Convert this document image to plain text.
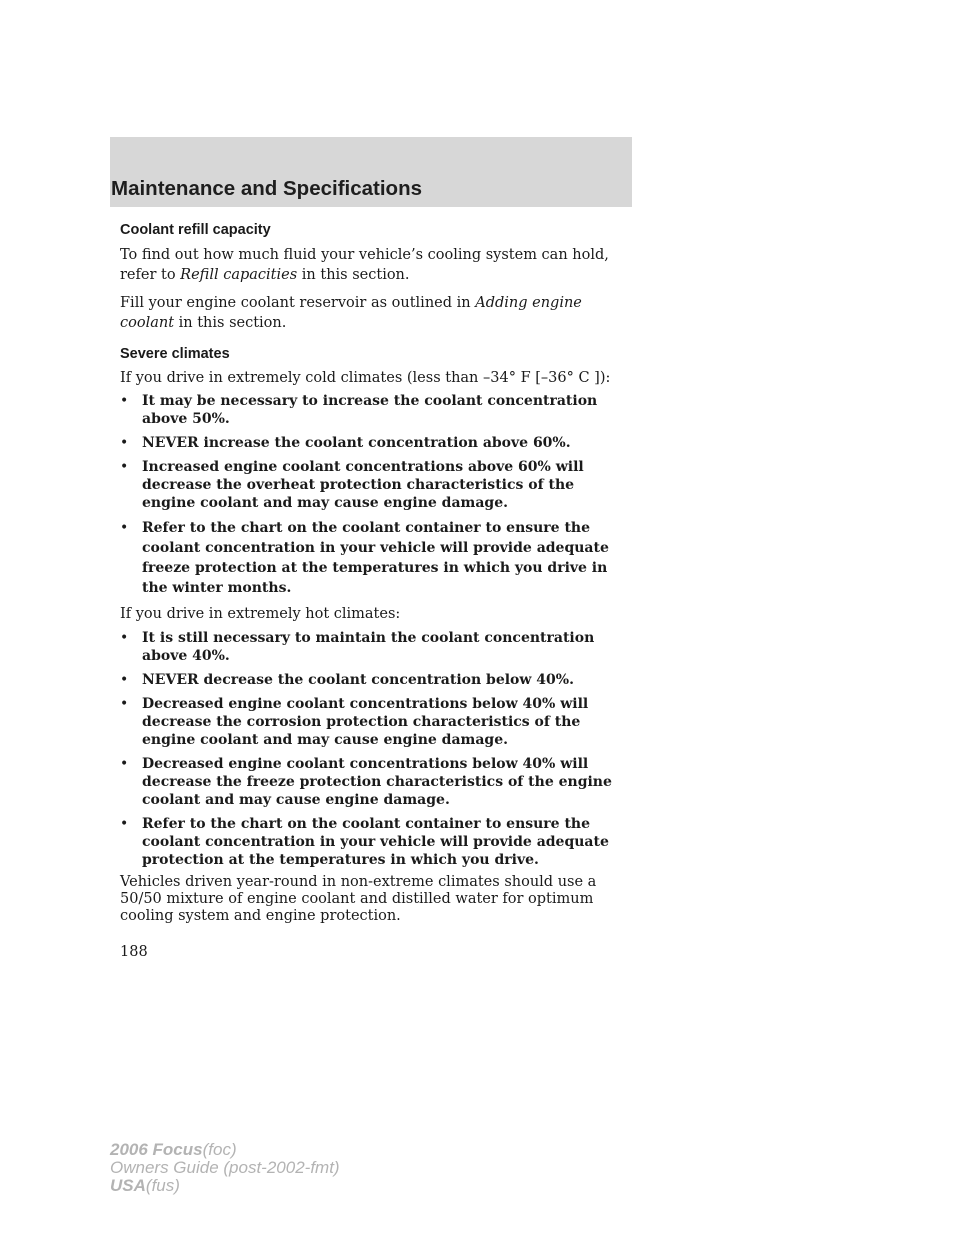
Maintenance and Specifications
Coolant refill capacity
To find out how much fluid your vehicle’s cooling system can hold, refer to Refill capacities in this section.
Fill your engine coolant reservoir as outlined in Adding engine coolant in this section.
Severe climates
If you drive in extremely cold climates (less than –34° F [–36° C ]):
• It may be necessary to increase the coolant concentration above 50%.
• NEVER increase the coolant concentration above 60%.
• Increased engine coolant concentrations above 60% will decrease the overheat protection characteristics of the engine coolant and may cause engine damage.
• Refer to the chart on the coolant container to ensure the coolant concentration in your vehicle will provide adequate freeze protection at the temperatures in which you drive in the winter months.
If you drive in extremely hot climates:
• It is still necessary to maintain the coolant concentration above 40%.
• NEVER decrease the coolant concentration below 40%.
• Decreased engine coolant concentrations below 40% will decrease the corrosion protection characteristics of the engine coolant and may cause engine damage.
• Decreased engine coolant concentrations below 40% will decrease the freeze protection characteristics of the engine coolant and may cause engine damage.
• Refer to the chart on the coolant container to ensure the coolant concentration in your vehicle will provide adequate protection at the temperatures in which you drive.
Vehicles driven year-round in non-extreme climates should use a 50/50 mixture of engine coolant and distilled water for optimum cooling system and engine protection.
188
2006 Focus(foc)
Owners Guide (post-2002-fmt)
USA(fus)
